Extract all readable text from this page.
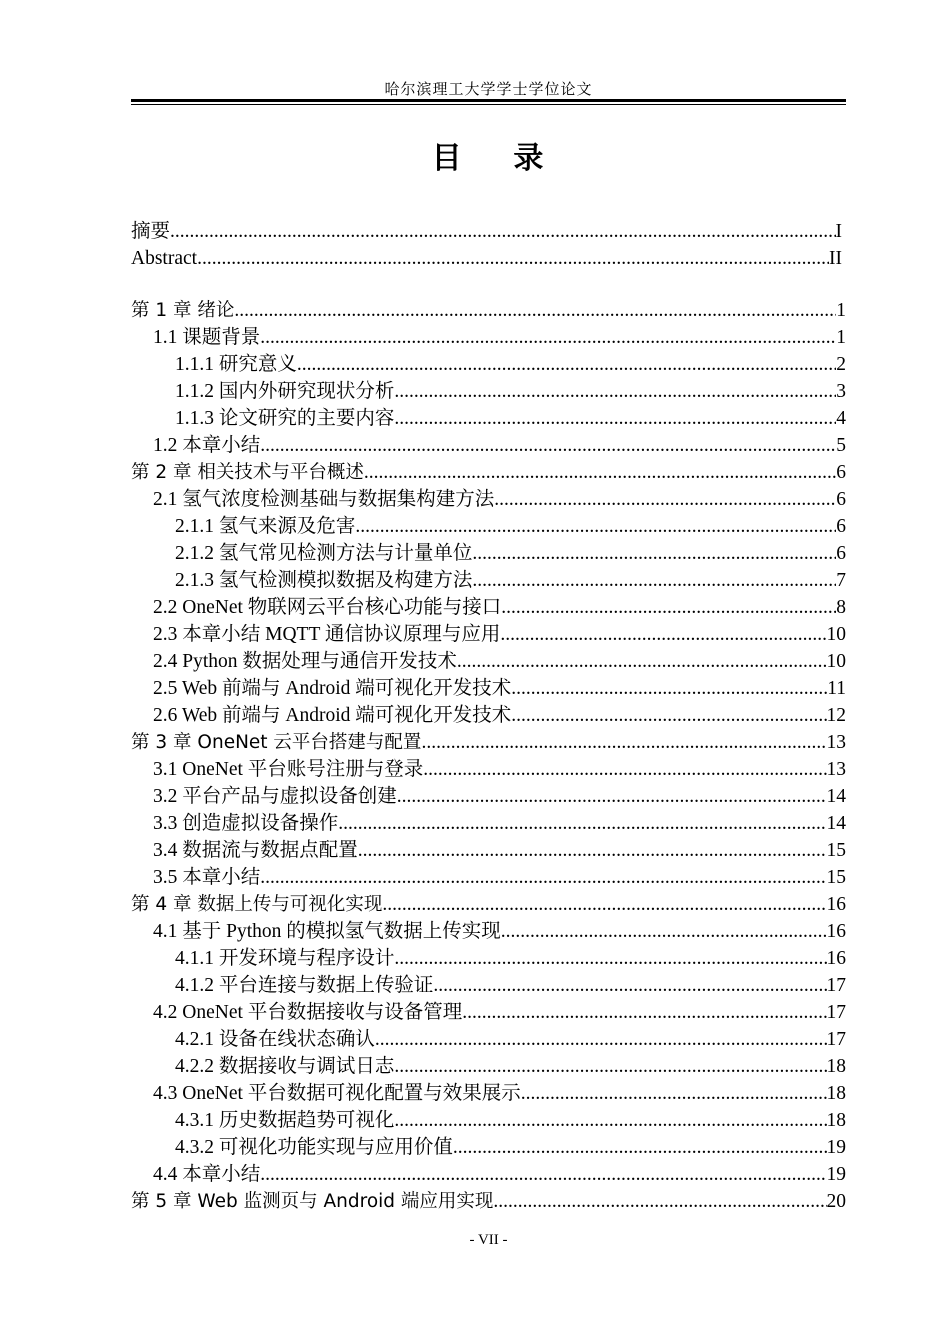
哈尔滨理工大学学士学位论文
目    录
摘要 .....	I
Abstract .....	II
第 1 章 绪论 .....	1
1.1 课题背景 .....	1
1.1.1 研究意义 .....	2
1.1.2 国内外研究现状分析 .....	3
1.1.3 论文研究的主要内容 .....	4
1.2 本章小结 .....	5
第 2 章 相关技术与平台概述 .....	6
2.1 氢气浓度检测基础与数据集构建方法 .....	6
2.1.1 氢气来源及危害 .....	6
2.1.2 氢气常见检测方法与计量单位 .....	6
2.1.3 氢气检测模拟数据及构建方法 .....	7
2.2 OneNet 物联网云平台核心功能与接口 .....	8
2.3 本章小结 MQTT 通信协议原理与应用 .....	10
2.4 Python 数据处理与通信开发技术 .....	10
2.5 Web 前端与 Android 端可视化开发技术 .....	11
2.6 Web 前端与 Android 端可视化开发技术 .....	12
第 3 章 OneNet 云平台搭建与配置 .....	13
3.1 OneNet 平台账号注册与登录 .....	13
3.2 平台产品与虚拟设备创建 .....	14
3.3 创造虚拟设备操作 .....	14
3.4 数据流与数据点配置 .....	15
3.5 本章小结 .....	15
第 4 章 数据上传与可视化实现 .....	16
4.1 基于 Python 的模拟氢气数据上传实现 .....	16
4.1.1 开发环境与程序设计 .....	16
4.1.2 平台连接与数据上传验证 .....	17
4.2 OneNet 平台数据接收与设备管理 .....	17
4.2.1 设备在线状态确认 .....	17
4.2.2 数据接收与调试日志 .....	18
4.3 OneNet 平台数据可视化配置与效果展示 .....	18
4.3.1 历史数据趋势可视化 .....	18
4.3.2 可视化功能实现与应用价值 .....	19
4.4 本章小结 .....	19
第 5 章 Web 监测页与 Android 端应用实现 .....	20
- VII -
